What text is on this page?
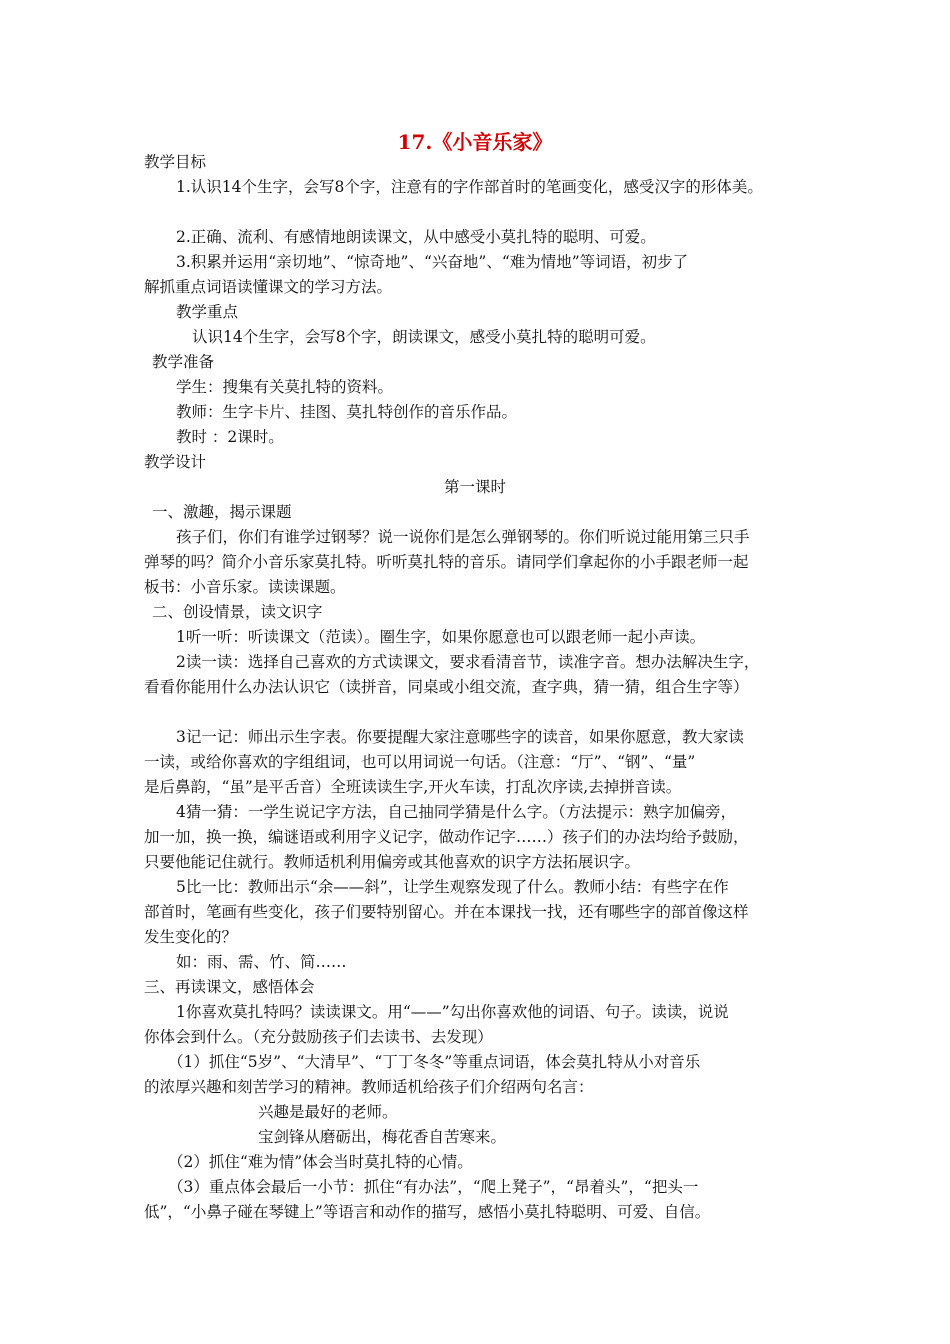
17.《小音乐家》
教学目标
1.认识14个生字，会写8个字，注意有的字作部首时的笔画变化，感受汉字的形体美。
2.正确、流利、有感情地朗读课文，从中感受小莫扎特的聪明、可爱。
3.积累并运用“亲切地”、“惊奇地”、“兴奋地”、“难为情地”等词语，初步了
解抓重点词语读懂课文的学习方法。
教学重点
认识14个生字，会写8个字，朗读课文，感受小莫扎特的聪明可爱。
教学准备
学生：搜集有关莫扎特的资料。
教师：生字卡片、挂图、莫扎特创作的音乐作品。
教时 ：2课时。
教学设计
第一课时
一、激趣，揭示课题
孩子们，你们有谁学过钢琴？说一说你们是怎么弹钢琴的。你们听说过能用第三只手
弹琴的吗？简介小音乐家莫扎特。听听莫扎特的音乐。请同学们拿起你的小手跟老师一起
板书：小音乐家。读读课题。
二、创设情景，读文识字
1听一听：听读课文（范读）。圈生字，如果你愿意也可以跟老师一起小声读。
2读一读：选择自己喜欢的方式读课文，要求看清音节，读准字音。想办法解决生字，
看看你能用什么办法认识它（读拼音，同桌或小组交流，查字典，猜一猜，组合生字等）
3记一记：师出示生字表。你要提醒大家注意哪些字的读音，如果你愿意，教大家读
一读，或给你喜欢的字组组词，也可以用词说一句话。（注意：“厅”、“钢”、“量”
是后鼻韵，“虽”是平舌音）全班读读生字,开火车读，打乱次序读,去掉拼音读。
4猜一猜：一学生说记字方法，自己抽同学猜是什么字。（方法提示：熟字加偏旁，
加一加，换一换，编谜语或利用字义记字，做动作记字……）孩子们的办法均给予鼓励，
只要他能记住就行。教师适机利用偏旁或其他喜欢的识字方法拓展识字。
5比一比：教师出示“余——斜”，让学生观察发现了什么。教师小结：有些字在作
部首时，笔画有些变化，孩子们要特别留心。并在本课找一找，还有哪些字的部首像这样
发生变化的？
如：雨、需、竹、简……
三、再读课文，感悟体会
1你喜欢莫扎特吗？读读课文。用“——”勾出你喜欢他的词语、句子。读读，说说
你体会到什么。（充分鼓励孩子们去读书、去发现）
（1）抓住“5岁”、“大清早”、“丁丁冬冬”等重点词语，体会莫扎特从小对音乐
的浓厚兴趣和刻苦学习的精神。教师适机给孩子们介绍两句名言：
兴趣是最好的老师。
宝剑锋从磨砺出，梅花香自苦寒来。
（2）抓住“难为情”体会当时莫扎特的心情。
（3）重点体会最后一小节：抓住“有办法”，“爬上凳子”，“昂着头”，“把头一
低”，“小鼻子碰在琴键上”等语言和动作的描写，感悟小莫扎特聪明、可爱、自信。
